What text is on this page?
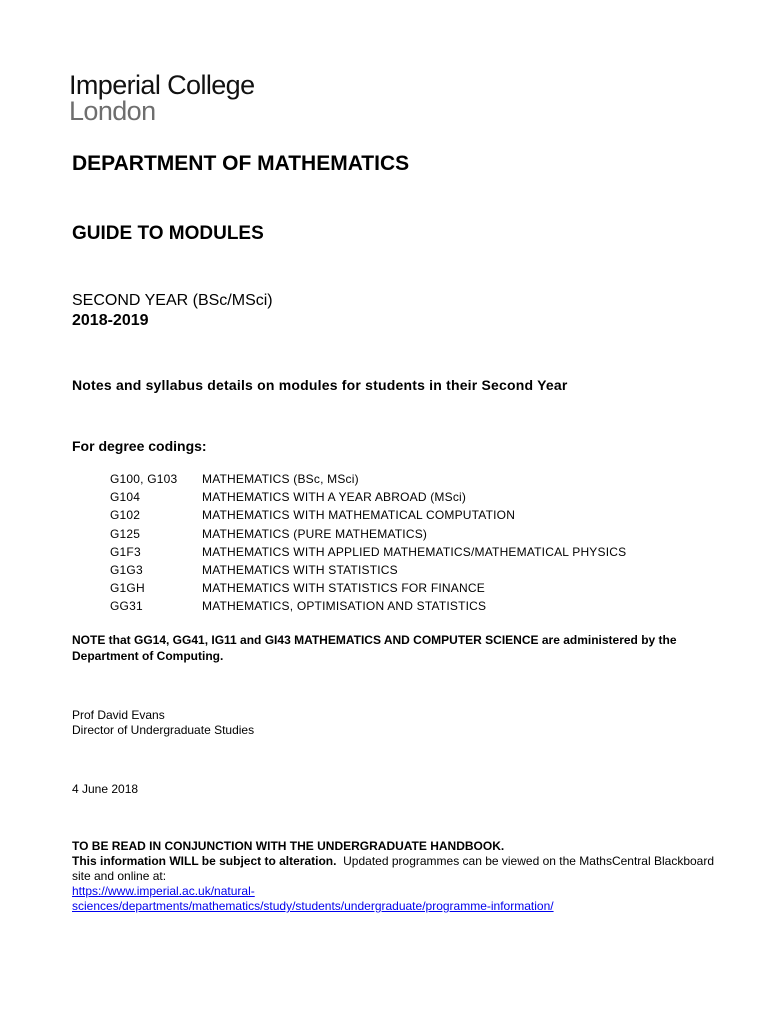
Imperial College
London
DEPARTMENT OF MATHEMATICS
GUIDE TO MODULES
SECOND YEAR (BSc/MSci)
2018-2019
Notes and syllabus details on modules for students in their Second Year
For degree codings:
G100, G103	MATHEMATICS (BSc, MSci)
G104	MATHEMATICS WITH A YEAR ABROAD (MSci)
G102	MATHEMATICS WITH MATHEMATICAL COMPUTATION
G125	MATHEMATICS (PURE MATHEMATICS)
G1F3	MATHEMATICS WITH APPLIED MATHEMATICS/MATHEMATICAL PHYSICS
G1G3	MATHEMATICS WITH STATISTICS
G1GH	MATHEMATICS WITH STATISTICS FOR FINANCE
GG31	MATHEMATICS, OPTIMISATION AND STATISTICS
NOTE that GG14, GG41, IG11 and GI43 MATHEMATICS AND COMPUTER SCIENCE are administered by the Department of Computing.
Prof David Evans
Director of Undergraduate Studies
4 June 2018
TO BE READ IN CONJUNCTION WITH THE UNDERGRADUATE HANDBOOK.
This information WILL be subject to alteration. Updated programmes can be viewed on the MathsCentral Blackboard site and online at:
https://www.imperial.ac.uk/natural-
sciences/departments/mathematics/study/students/undergraduate/programme-information/
